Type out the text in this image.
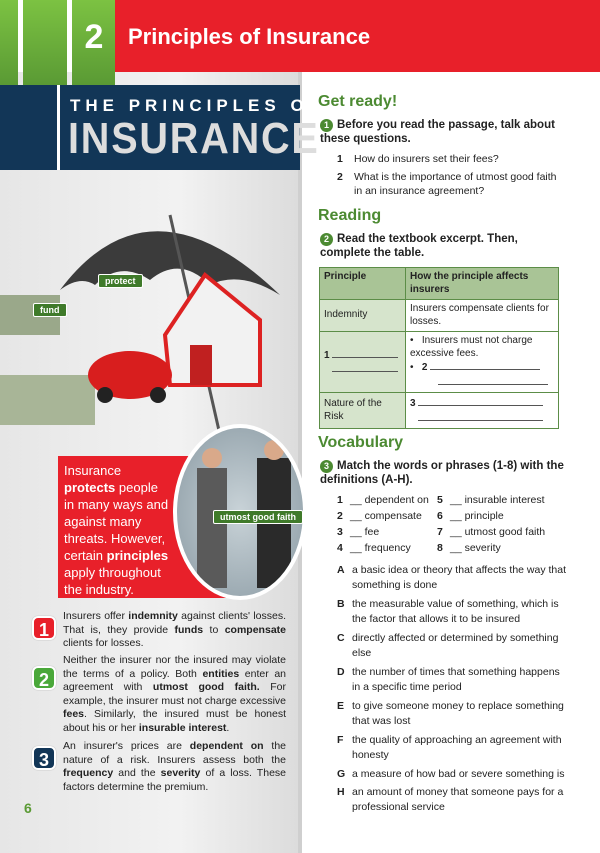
2 Principles of Insurance
THE PRINCIPLES OF
INSURANCE
protect
fund
Insurance protects people in many ways and against many threats. However, certain principles apply throughout the industry.
utmost good faith
1
Insurers offer indemnity against clients' losses. That is, they provide funds to compensate clients for losses.
2
Neither the insurer nor the insured may violate the terms of a policy. Both entities enter an agreement with utmost good faith. For example, the insurer must not charge excessive fees. Similarly, the insured must be honest about his or her insurable interest.
3
An insurer's prices are dependent on the nature of a risk. Insurers assess both the frequency and the severity of a loss. These factors determine the premium.
6
Get ready!
1 Before you read the passage, talk about these questions.
1 How do insurers set their fees?
2 What is the importance of utmost good faith in an insurance agreement?
Reading
2 Read the textbook excerpt. Then, complete the table.
Principle	How the principle affects insurers
Indemnity	Insurers compensate clients for losses.
1	•   Insurers must not charge excessive fees.
•   2

Nature of the Risk	3

Vocabulary
3 Match the words or phrases (1-8) with the definitions (A-H).
1 __ dependent on
2 __ compensate
3 __ fee
4 __ frequency
5 __ insurable interest
6 __ principle
7 __ utmost good faith
8 __ severity
A a basic idea or theory that affects the way that something is done
B the measurable value of something, which is the factor that allows it to be insured
C directly affected or determined by something else
D the number of times that something happens in a specific time period
E to give someone money to replace something that was lost
F the quality of approaching an agreement with honesty
G a measure of how bad or severe something is
H an amount of money that someone pays for a professional service
